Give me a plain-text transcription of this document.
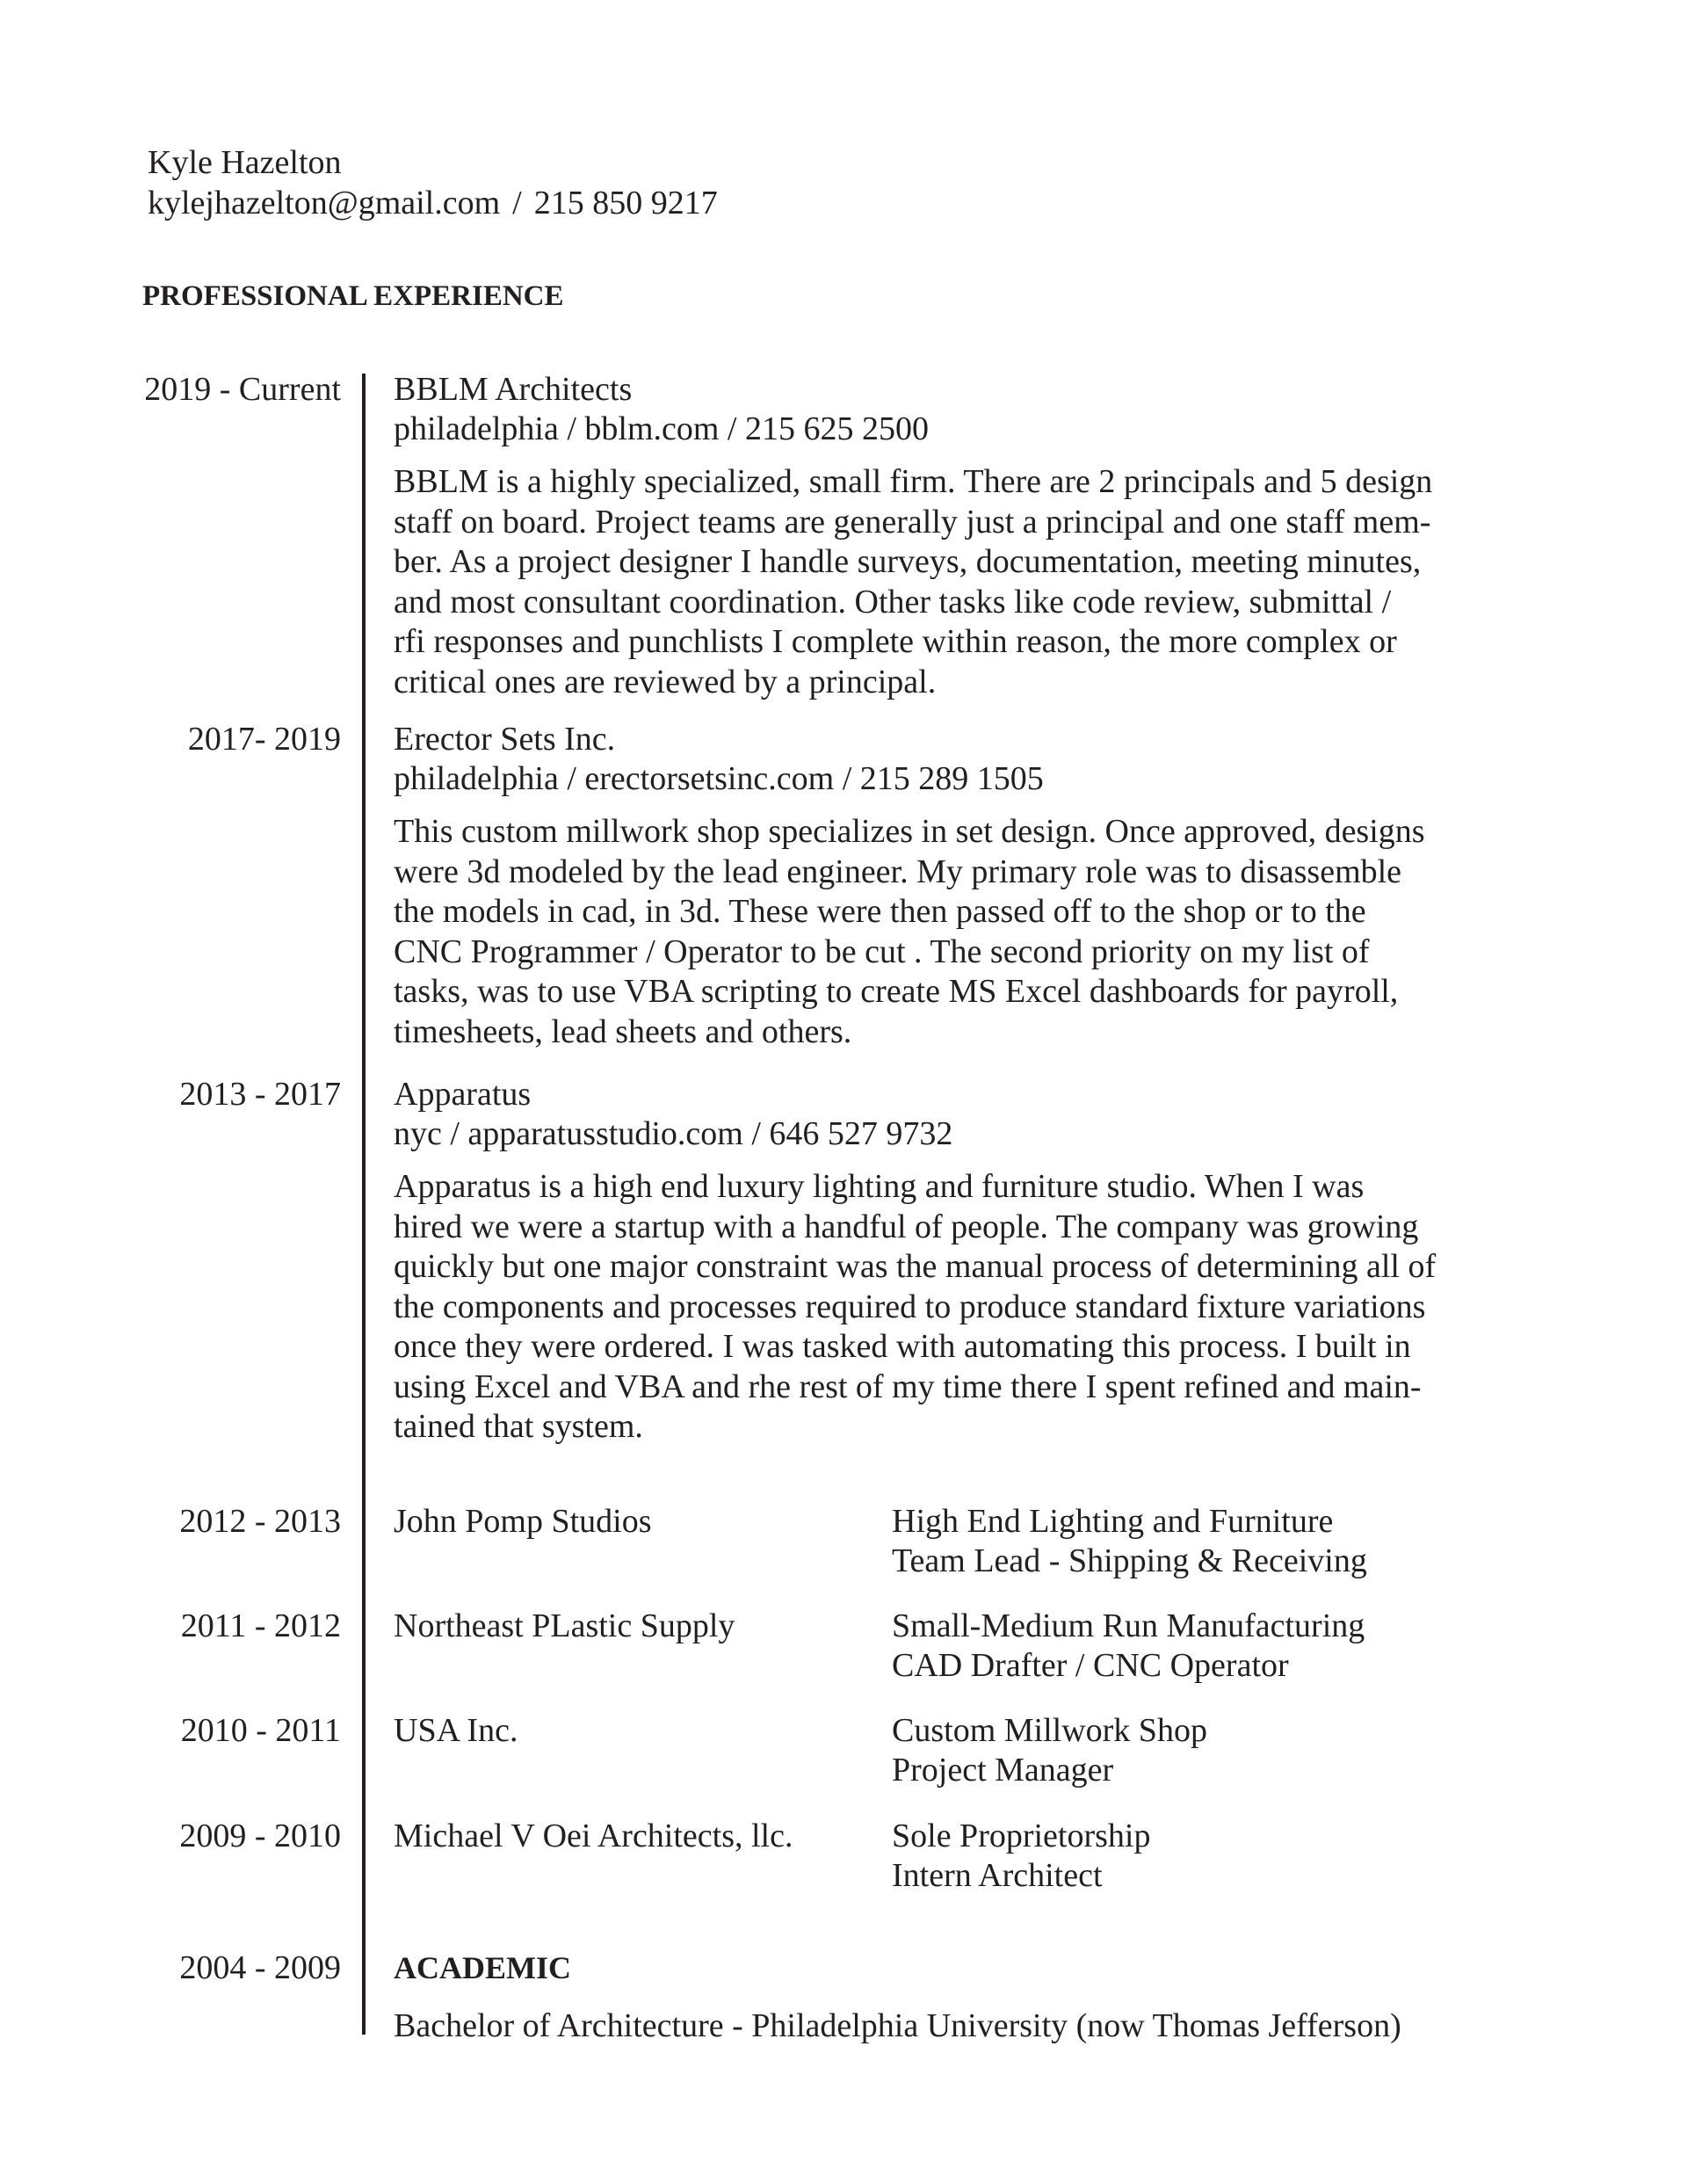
Kyle Hazelton
kylejhazelton@gmail.com / 215 850 9217
PROFESSIONAL EXPERIENCE
2019 - Current BBLM Architects
philadelphia / bblm.com / 215 625 2500
BBLM is a highly specialized, small firm. There are 2 principals and 5 design
staff on board. Project teams are generally just a principal and one staff mem-
ber. As a project designer I handle surveys, documentation, meeting minutes,
and most consultant coordination. Other tasks like code review, submittal /
rfi responses and punchlists I complete within reason, the more complex or
critical ones are reviewed by a principal.
2017- 2019 Erector Sets Inc.
philadelphia / erectorsetsinc.com / 215 289 1505
This custom millwork shop specializes in set design. Once approved, designs
were 3d modeled by the lead engineer. My primary role was to disassemble
the models in cad, in 3d. These were then passed off to the shop or to the
CNC Programmer / Operator to be cut . The second priority on my list of
tasks, was to use VBA scripting to create MS Excel dashboards for payroll,
timesheets, lead sheets and others.
2013 - 2017 Apparatus
nyc / apparatusstudio.com / 646 527 9732
Apparatus is a high end luxury lighting and furniture studio. When I was
hired we were a startup with a handful of people. The company was growing
quickly but one major constraint was the manual process of determining all of
the components and processes required to produce standard fixture variations
once they were ordered. I was tasked with automating this process. I built in
using Excel and VBA and rhe rest of my time there I spent refined and main-
tained that system.
2012 - 2013 John Pomp Studios	High End Lighting and Furniture
Team Lead - Shipping & Receiving
2011 - 2012 Northeast PLastic Supply	Small-Medium Run Manufacturing
CAD Drafter / CNC Operator
2010 - 2011 USA Inc.	Custom Millwork Shop
Project Manager
2009 - 2010 Michael V Oei Architects, llc.	Sole Proprietorship
Intern Architect
2004 - 2009 ACADEMIC
Bachelor of Architecture - Philadelphia University (now Thomas Jefferson)
